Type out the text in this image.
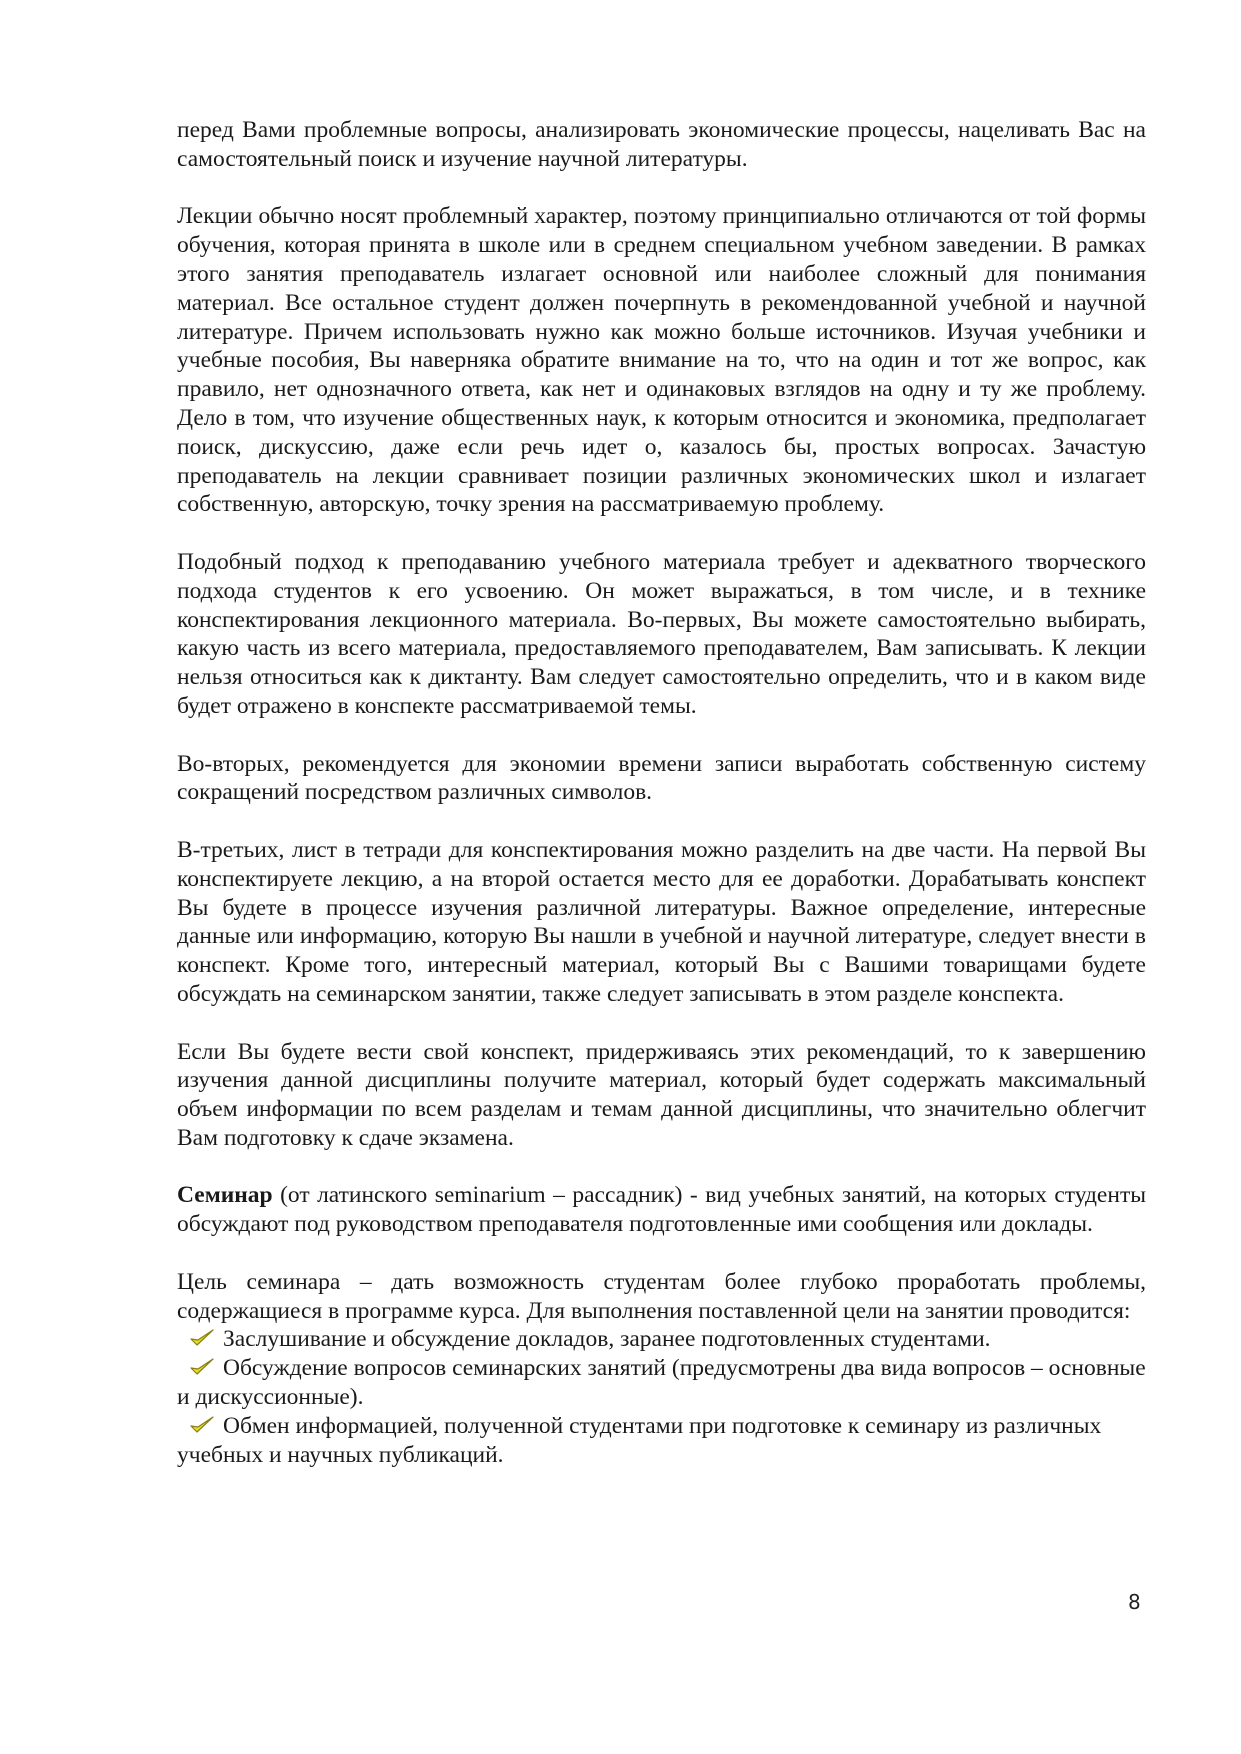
перед Вами проблемные вопросы, анализировать экономические процессы, нацеливать Вас на самостоятельный поиск и изучение научной литературы.

Лекции обычно носят проблемный характер, поэтому принципиально отличаются от той формы обучения, которая принята в школе или в среднем специальном учебном заведении. В рамках этого занятия преподаватель излагает основной или наиболее сложный для понимания материал. Все остальное студент должен почерпнуть в рекомендованной учебной и научной литературе. Причем использовать нужно как можно больше источников. Изучая учебники и учебные пособия, Вы наверняка обратите внимание на то, что на один и тот же вопрос, как правило, нет однозначного ответа, как нет и одинаковых взглядов на одну и ту же проблему. Дело в том, что изучение общественных наук, к которым относится и экономика, предполагает поиск, дискуссию, даже если речь идет о, казалось бы, простых вопросах. Зачастую преподаватель на лекции сравнивает позиции различных экономических школ и излагает собственную, авторскую, точку зрения на рассматриваемую проблему.

Подобный подход к преподаванию учебного материала требует и адекватного творческого подхода студентов к его усвоению. Он может выражаться, в том числе, и в технике конспектирования лекционного материала. Во-первых, Вы можете самостоятельно выбирать, какую часть из всего материала, предоставляемого преподавателем, Вам записывать. К лекции нельзя относиться как к диктанту. Вам следует самостоятельно определить, что и в каком виде будет отражено в конспекте рассматриваемой темы.

Во-вторых, рекомендуется для экономии времени записи выработать собственную систему сокращений посредством различных символов.

В-третьих, лист в тетради для конспектирования можно разделить на две части. На первой Вы конспектируете лекцию, а на второй остается место для ее доработки. Дорабатывать конспект Вы будете в процессе изучения различной литературы. Важное определение, интересные данные или информацию, которую Вы нашли в учебной и научной литературе, следует внести в конспект. Кроме того, интересный материал, который Вы с Вашими товарищами будете обсуждать на семинарском занятии, также следует записывать в этом разделе конспекта.

Если Вы будете вести свой конспект, придерживаясь этих рекомендаций, то к завершению изучения данной дисциплины получите материал, который будет содержать максимальный объем информации по всем разделам и темам данной дисциплины, что значительно облегчит Вам подготовку к сдаче экзамена.

Семинар (от латинского seminarium – рассадник) - вид учебных занятий, на которых студенты обсуждают под руководством преподавателя подготовленные ими сообщения или доклады.

Цель семинара – дать возможность студентам более глубоко проработать проблемы, содержащиеся в программе курса. Для выполнения поставленной цели на занятии проводится:

Заслушивание и обсуждение докладов, заранее подготовленных студентами.
Обсуждение вопросов семинарских занятий (предусмотрены два вида вопросов – основные и дискуссионные).
Обмен информацией, полученной студентами при подготовке к семинару из различных учебных и научных публикаций.
8
